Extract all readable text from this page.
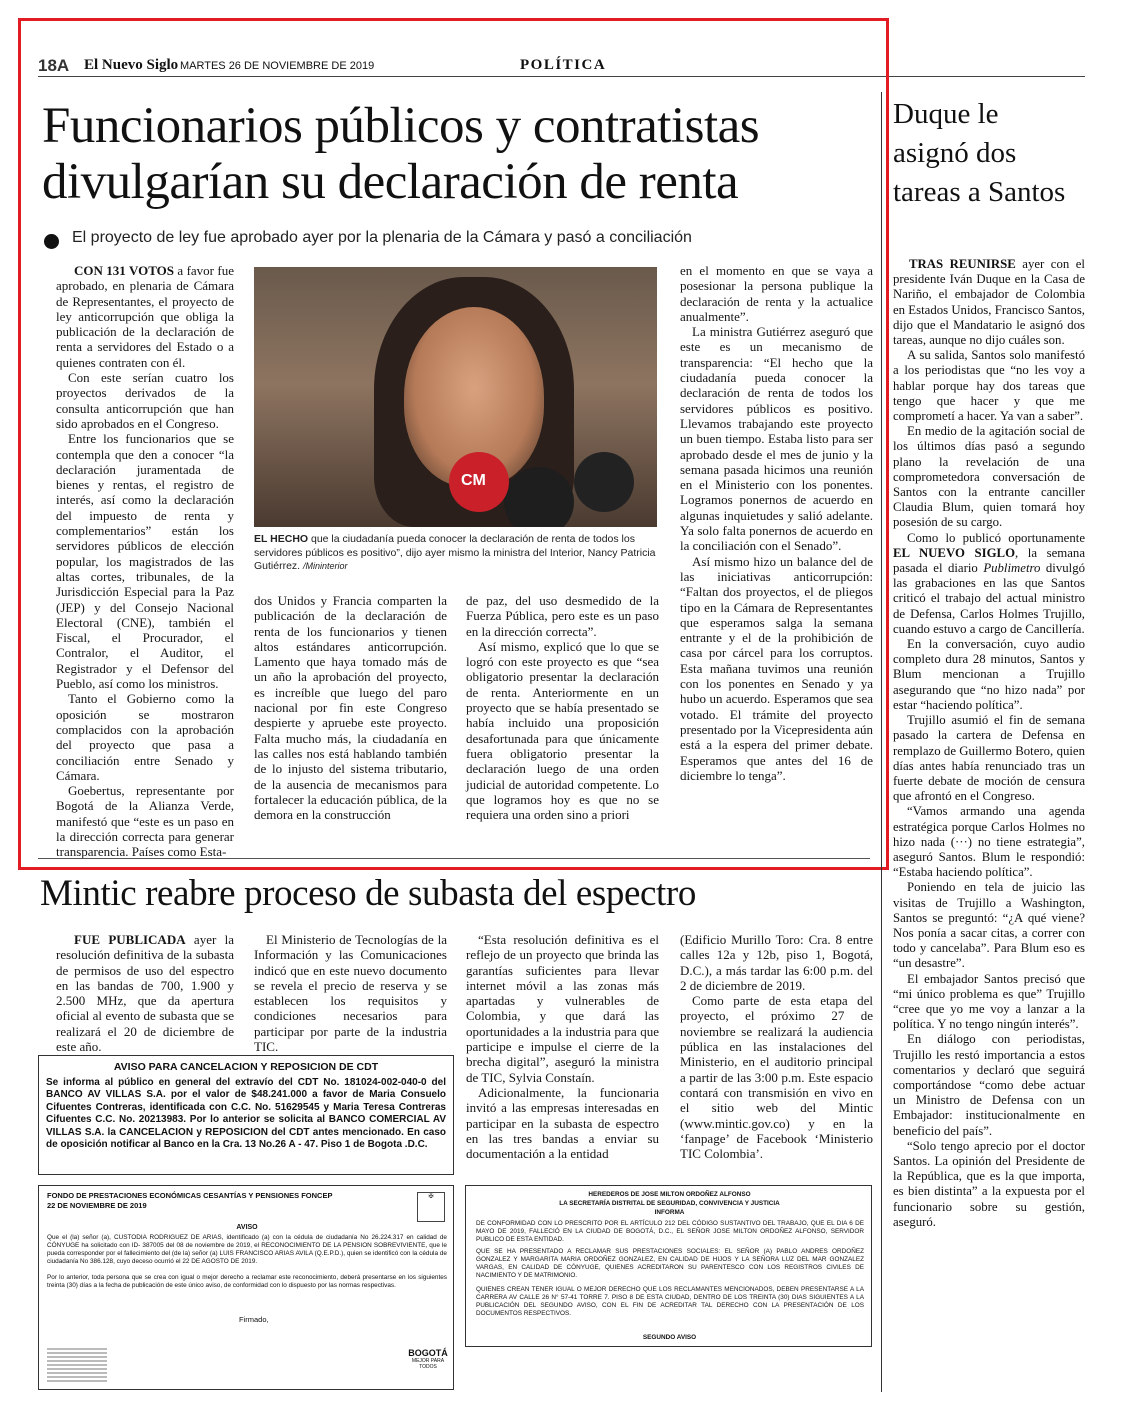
18A El Nuevo Siglo MARTES 26 DE NOVIEMBRE DE 2019	POLÍTICA
Funcionarios públicos y contratistas divulgarían su declaración de renta
El proyecto de ley fue aprobado ayer por la plenaria de la Cámara y pasó a conciliación

CON 131 VOTOS a favor fue aprobado, en plenaria de Cámara de Representantes, el proyecto de ley anticorrupción que obliga la publicación de la declaración de renta a servidores del Estado o a quienes contraten con él.

Con este serían cuatro los proyectos derivados de la consulta anticorrupción que han sido aprobados en el Congreso.

Entre los funcionarios que se contempla que den a conocer “la declaración juramentada de bienes y rentas, el registro de interés, así como la declaración del impuesto de renta y complementarios” están los servidores públicos de elección popular, los magistrados de las altas cortes, tribunales, de la Jurisdicción Especial para la Paz (JEP) y del Consejo Nacional Electoral (CNE), también el Fiscal, el Procurador, el Contralor, el Auditor, el Registrador y el Defensor del Pueblo, así como los ministros.

Tanto el Gobierno como la oposición se mostraron complacidos con la aprobación del proyecto que pasa a conciliación entre Senado y Cámara.

Goebertus, representante por Bogotá de la Alianza Verde, manifestó que “este es un paso en la dirección correcta para generar transparencia. Países como Esta-

CM
EL HECHO que la ciudadanía pueda conocer la declaración de renta de todos los servidores públicos es positivo”, dijo ayer mismo la ministra del Interior, Nancy Patricia Gutiérrez. /Mininterior

dos Unidos y Francia comparten la publicación de la declaración de renta de los funcionarios y tienen altos estándares anticorrupción. Lamento que haya tomado más de un año la aprobación del proyecto, es increíble que luego del paro nacional por fin este Congreso despierte y apruebe este proyecto. Falta mucho más, la ciudadanía en las calles nos está hablando también de lo injusto del sistema tributario, de la ausencia de mecanismos para fortalecer la educación pública, de la demora en la construcción

de paz, del uso desmedido de la Fuerza Pública, pero este es un paso en la dirección correcta”.

Así mismo, explicó que lo que se logró con este proyecto es que “sea obligatorio presentar la declaración de renta. Anteriormente en un proyecto que se había presentado se había incluido una proposición desafortunada para que únicamente fuera obligatorio presentar la declaración luego de una orden judicial de autoridad competente. Lo que logramos hoy es que no se requiera una orden sino a priori

en el momento en que se vaya a posesionar la persona publique la declaración de renta y la actualice anualmente”.

La ministra Gutiérrez aseguró que este es un mecanismo de transparencia: “El hecho que la ciudadanía pueda conocer la declaración de renta de todos los servidores públicos es positivo. Llevamos trabajando este proyecto un buen tiempo. Estaba listo para ser aprobado desde el mes de junio y la semana pasada hicimos una reunión en el Ministerio con los ponentes. Logramos ponernos de acuerdo en algunas inquietudes y salió adelante. Ya solo falta ponernos de acuerdo en la conciliación con el Senado”.

Así mismo hizo un balance del de las iniciativas anticorrupción: “Faltan dos proyectos, el de pliegos tipo en la Cámara de Representantes que esperamos salga la semana entrante y el de la prohibición de casa por cárcel para los corruptos. Esta mañana tuvimos una reunión con los ponentes en Senado y ya hubo un acuerdo. Esperamos que sea votado. El trámite del proyecto presentado por la Vicepresidenta aún está a la espera del primer debate. Esperamos que antes del 16 de diciembre lo tenga”.

Duque le asignó dos tareas a Santos

TRAS REUNIRSE ayer con el presidente Iván Duque en la Casa de Nariño, el embajador de Colombia en Estados Unidos, Francisco Santos, dijo que el Mandatario le asignó dos tareas, aunque no dijo cuáles son.

A su salida, Santos solo manifestó a los periodistas que “no les voy a hablar porque hay dos tareas que tengo que hacer y que me comprometí a hacer. Ya van a saber”.

En medio de la agitación social de los últimos días pasó a segundo plano la revelación de una comprometedora conversación de Santos con la entrante canciller Claudia Blum, quien tomará hoy posesión de su cargo.

Como lo publicó oportunamente EL NUEVO SIGLO, la semana pasada el diario Publimetro divulgó las grabaciones en las que Santos criticó el trabajo del actual ministro de Defensa, Carlos Holmes Trujillo, cuando estuvo a cargo de Cancillería.

En la conversación, cuyo audio completo dura 28 minutos, Santos y Blum mencionan a Trujillo asegurando que “no hizo nada” por estar “haciendo política”.

Trujillo asumió el fin de semana pasado la cartera de Defensa en remplazo de Guillermo Botero, quien días antes había renunciado tras un fuerte debate de moción de censura que afrontó en el Congreso.

“Vamos armando una agenda estratégica porque Carlos Holmes no hizo nada (···) no tiene estrategia”, aseguró Santos. Blum le respondió: “Estaba haciendo política”.

Poniendo en tela de juicio las visitas de Trujillo a Washington, Santos se preguntó: “¿A qué viene? Nos ponía a sacar citas, a correr con todo y cancelaba”. Para Blum eso es “un desastre”.

El embajador Santos precisó que “mi único problema es que” Trujillo “cree que yo me voy a lanzar a la política. Y no tengo ningún interés”.

En diálogo con periodistas, Trujillo les restó importancia a estos comentarios y declaró que seguirá comportándose “como debe actuar un Ministro de Defensa con un Embajador: institucionalmente en beneficio del país”.

“Solo tengo aprecio por el doctor Santos. La opinión del Presidente de la República, que es la que importa, es bien distinta” a la expuesta por el funcionario sobre su gestión, aseguró.

Mintic reabre proceso de subasta del espectro

FUE PUBLICADA ayer la resolución definitiva de la subasta de permisos de uso del espectro en las bandas de 700, 1.900 y 2.500 MHz, que da apertura oficial al evento de subasta que se realizará el 20 de diciembre de este año.

El Ministerio de Tecnologías de la Información y las Comunicaciones indicó que en este nuevo documento se revela el precio de reserva y se establecen los requisitos y condiciones necesarios para participar por parte de la industria TIC.

“Esta resolución definitiva es el reflejo de un proyecto que brinda las garantías suficientes para llevar internet móvil a las zonas más apartadas y vulnerables de Colombia, y que dará las oportunidades a la industria para que participe e impulse el cierre de la brecha digital”, aseguró la ministra de TIC, Sylvia Constaín.

Adicionalmente, la funcionaria invitó a las empresas interesadas en participar en la subasta de espectro en las tres bandas a enviar su documentación a la entidad

(Edificio Murillo Toro: Cra. 8 entre calles 12a y 12b, piso 1, Bogotá, D.C.), a más tardar las 6:00 p.m. del 2 de diciembre de 2019.

Como parte de esta etapa del proyecto, el próximo 27 de noviembre se realizará la audiencia pública en las instalaciones del Ministerio, en el auditorio principal a partir de las 3:00 p.m. Este espacio contará con transmisión en vivo en el sitio web del Mintic (www.mintic.gov.co) y en la ‘fanpage’ de Facebook ‘Ministerio TIC Colombia’.

AVISO PARA CANCELACION Y REPOSICION DE CDT
Se informa al público en general del extravío del CDT No. 181024-002-040-0 del BANCO AV VILLAS S.A. por el valor de $48.241.000 a favor de Maria Consuelo Cifuentes Contreras, identificada con C.C. No. 51629545 y Maria Teresa Contreras Cifuentes C.C. No. 20213983. Por lo anterior se solicita al BANCO COMERCIAL AV VILLAS S.A. la CANCELACION y REPOSICION del CDT antes mencionado. En caso de oposición notificar al Banco en la Cra. 13 No.26 A - 47. Piso 1 de Bogota .D.C.
FONDO DE PRESTACIONES ECONÓMICAS CESANTÍAS Y PENSIONES FONCEP
22 DE NOVIEMBRE DE 2019
✠
AVISO
Que el (la) señor (a), CUSTODIA RODRIGUEZ DE ARIAS, identificado (a) con la cédula de ciudadanía No 26.224.317 en calidad de CÓNYUGE ha solicitado con ID- 387005 del 08 de noviembre de 2019, el RECONOCIMIENTO DE LA PENSION SOBREVIVIENTE, que le pueda corresponder por el fallecimiento del (de la) señor (a) LUIS FRANCISCO ARIAS AVILA (Q.E.P.D.), quien se identificó con la cédula de ciudadanía No 386.128, cuyo deceso ocurrió el 22 DE AGOSTO DE 2019.
Por lo anterior, toda persona que se crea con igual o mejor derecho a reclamar este reconocimiento, deberá presentarse en los siguientes treinta (30) días a la fecha de publicación de este único aviso, de conformidad con lo dispuesto por las normas respectivas.
Firmado,
BOGOTÁ
MEJOR PARA TODOS
HEREDEROS DE JOSE MILTON ORDOÑEZ ALFONSO
LA SECRETARÍA DISTRITAL DE SEGURIDAD, CONVIVENCIA Y JUSTICIA
INFORMA
DE CONFORMIDAD CON LO PRESCRITO POR EL ARTÍCULO 212 DEL CÓDIGO SUSTANTIVO DEL TRABAJO, QUE EL DIA 6 DE MAYO DE 2019, FALLECIÓ EN LA CIUDAD DE BOGOTÁ, D.C., EL SEÑOR JOSE MILTON ORDOÑEZ ALFONSO, SERVIDOR PUBLICO DE ESTA ENTIDAD.
QUE SE HA PRESENTADO A RECLAMAR SUS PRESTACIONES SOCIALES: EL SEÑOR (A) PABLO ANDRES ORDOÑEZ GONZALEZ Y MARGARITA MARIA ORDOÑEZ GONZALEZ, EN CALIDAD DE HIJOS Y LA SEÑORA LUZ DEL MAR GONZALEZ VARGAS, EN CALIDAD DE CÓNYUGE, QUIENES ACREDITARON SU PARENTESCO CON LOS REGISTROS CIVILES DE NACIMIENTO Y DE MATRIMONIO.
QUIENES CREAN TENER IGUAL O MEJOR DERECHO QUE LOS RECLAMANTES MENCIONADOS, DEBEN PRESENTARSE A LA CARRERA AV CALLE 26 N° 57-41 TORRE 7. PISO 8 DE ESTA CIUDAD, DENTRO DE LOS TREINTA (30) DIAS SIGUIENTES A LA PUBLICACIÓN DEL SEGUNDO AVISO, CON EL FIN DE ACREDITAR TAL DERECHO CON LA PRESENTACIÓN DE LOS DOCUMENTOS RESPECTIVOS.
SEGUNDO AVISO
